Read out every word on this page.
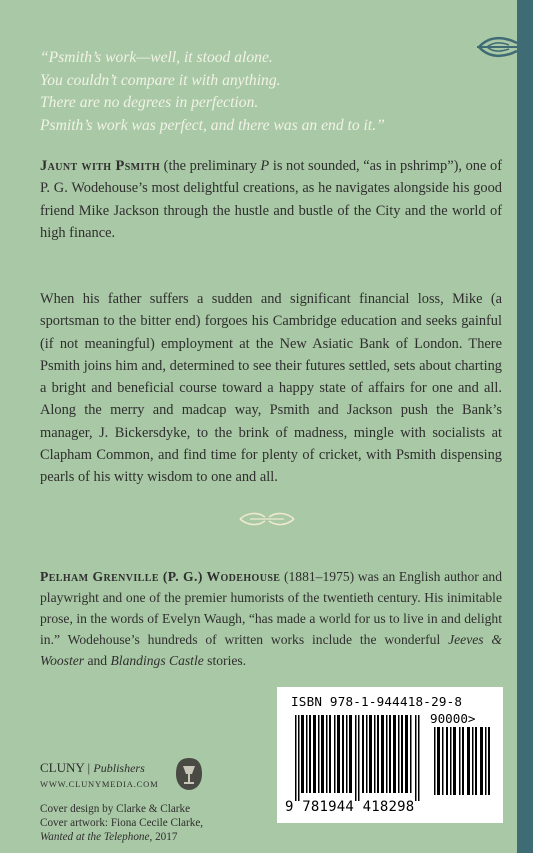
“Psmith’s work—well, it stood alone.
You couldn’t compare it with anything.
There are no degrees in perfection.
Psmith’s work was perfect, and there was an end to it.”
Jaunt with Psmith (the preliminary P is not sounded, “as in pshrimp”), one of P. G. Wodehouse’s most delightful creations, as he navigates alongside his good friend Mike Jackson through the hustle and bustle of the City and the world of high finance.
When his father suffers a sudden and significant financial loss, Mike (a sportsman to the bitter end) forgoes his Cambridge education and seeks gainful (if not meaningful) employment at the New Asiatic Bank of London. There Psmith joins him and, determined to see their futures settled, sets about charting a bright and beneficial course toward a happy state of affairs for one and all. Along the merry and madcap way, Psmith and Jackson push the Bank’s manager, J. Bickersdyke, to the brink of madness, mingle with socialists at Clapham Common, and find time for plenty of cricket, with Psmith dispensing pearls of his witty wisdom to one and all.
Pelham Grenville (P. G.) Wodehouse (1881–1975) was an English author and playwright and one of the premier humorists of the twentieth century. His inimitable prose, in the words of Evelyn Waugh, “has made a world for us to live in and delight in.” Wodehouse’s hundreds of written works include the wonderful Jeeves & Wooster and Blandings Castle stories.
CLUNY | Publishers
WWW.CLUNYMEDIA.COM
Cover design by Clarke & Clarke
Cover artwork: Fiona Cecile Clarke,
Wanted at the Telephone, 2017
ISBN 978-1-944418-29-8
90000>
9 781944 418298
